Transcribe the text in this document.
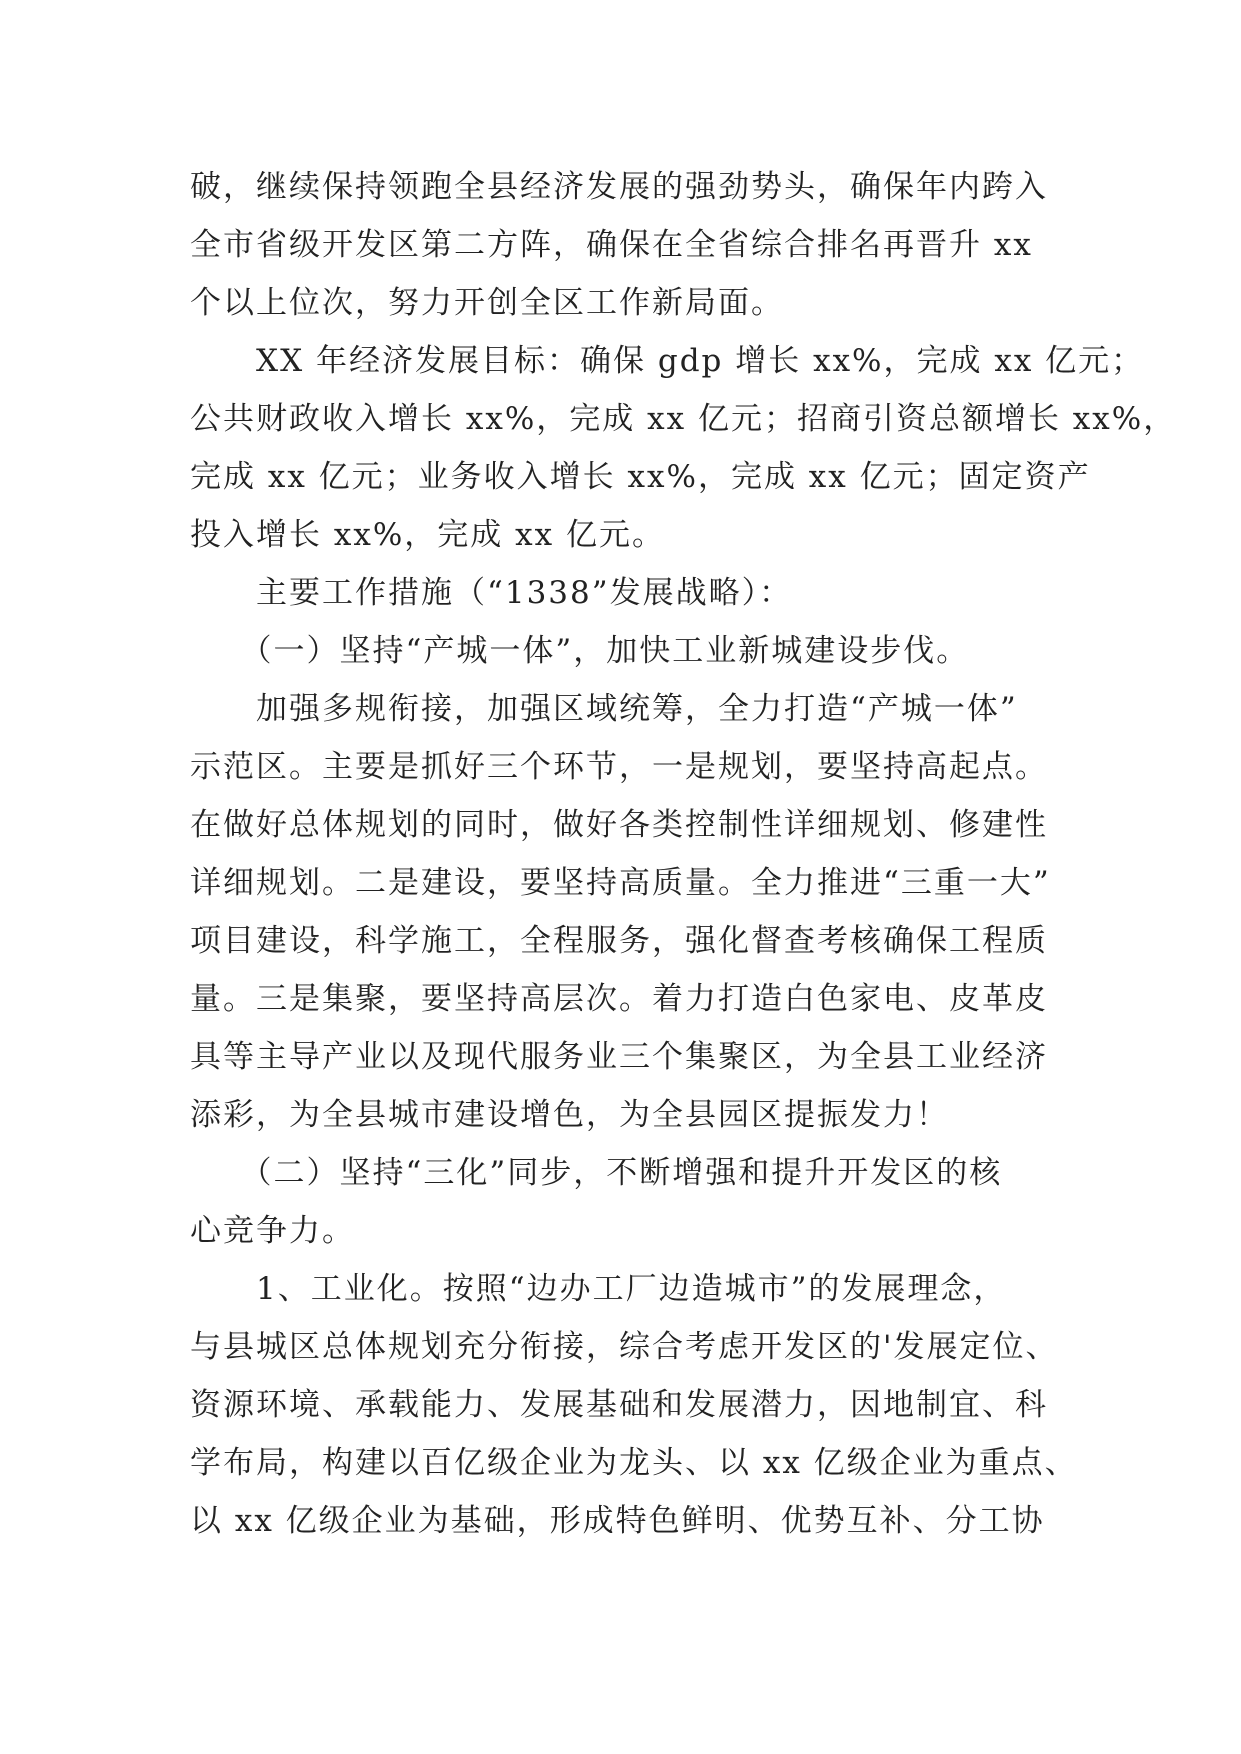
破，继续保持领跑全县经济发展的强劲势头，确保年内跨入
全市省级开发区第二方阵，确保在全省综合排名再晋升 xx
个以上位次，努力开创全区工作新局面。
　　XX 年经济发展目标：确保 gdp 增长 xx%，完成 xx 亿元；
公共财政收入增长 xx%，完成 xx 亿元；招商引资总额增长 xx%，
完成 xx 亿元；业务收入增长 xx%，完成 xx 亿元；固定资产
投入增长 xx%，完成 xx 亿元。
　　主要工作措施（“1338”发展战略）：
　　（一）坚持“产城一体”，加快工业新城建设步伐。
　　加强多规衔接，加强区域统筹，全力打造“产城一体”
示范区。主要是抓好三个环节，一是规划，要坚持高起点。
在做好总体规划的同时，做好各类控制性详细规划、修建性
详细规划。二是建设，要坚持高质量。全力推进“三重一大”
项目建设，科学施工，全程服务，强化督查考核确保工程质
量。三是集聚，要坚持高层次。着力打造白色家电、皮革皮
具等主导产业以及现代服务业三个集聚区，为全县工业经济
添彩，为全县城市建设增色，为全县园区提振发力！
　　（二）坚持“三化”同步，不断增强和提升开发区的核
心竞争力。
　　1、工业化。按照“边办工厂边造城市”的发展理念，
与县城区总体规划充分衔接，综合考虑开发区的'发展定位、
资源环境、承载能力、发展基础和发展潜力，因地制宜、科
学布局，构建以百亿级企业为龙头、以 xx 亿级企业为重点、
以 xx 亿级企业为基础，形成特色鲜明、优势互补、分工协
